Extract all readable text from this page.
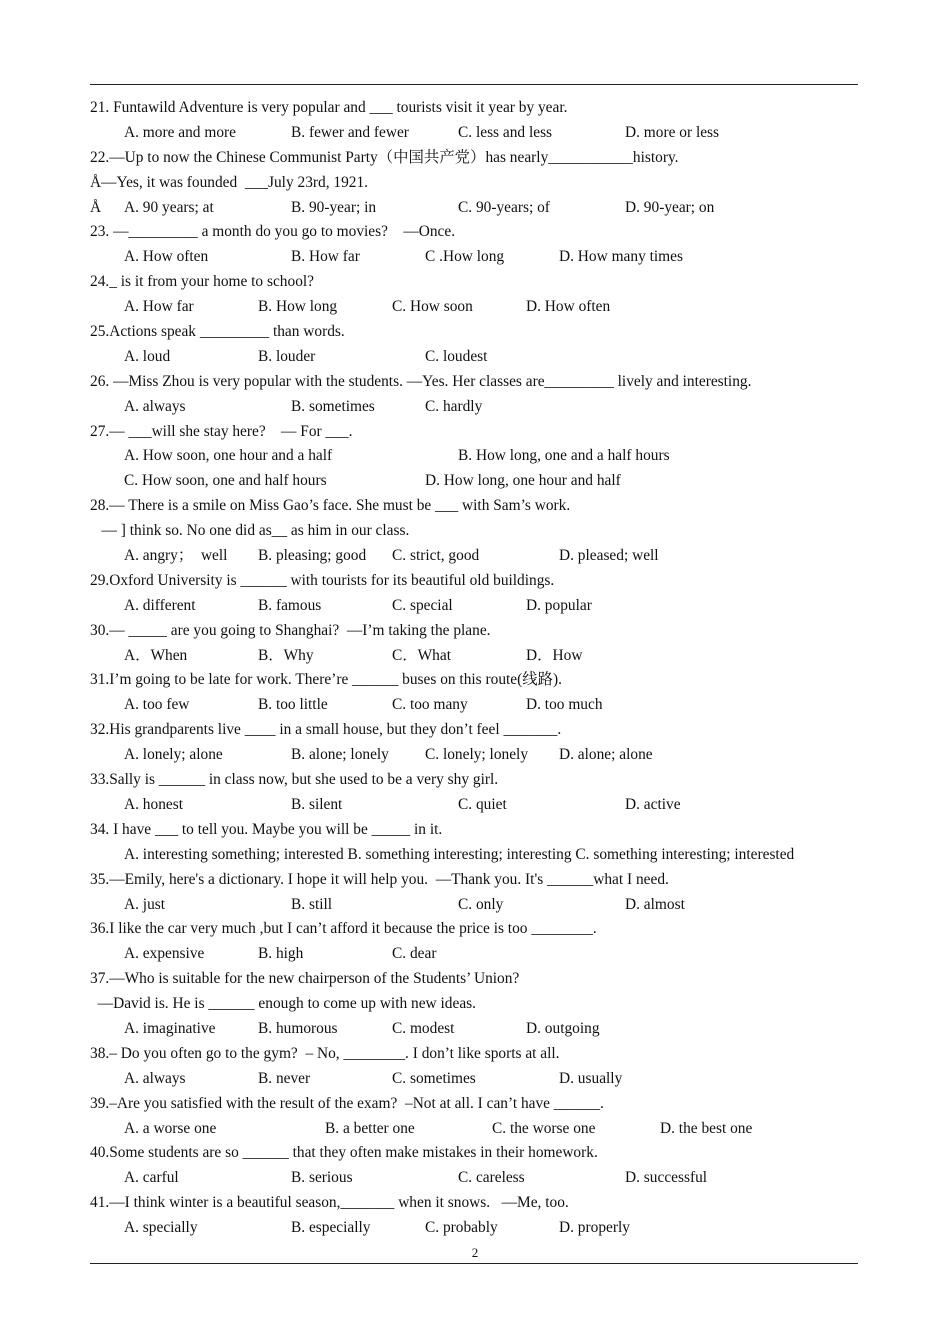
21. Funtawild Adventure is very popular and ___ tourists visit it year by year.
A. more and more	B. fewer and fewer	C. less and less	D. more or less
22.—Up to now the Chinese Communist Party（中国共产党）has nearly___________history.
Å—Yes, it was founded  ___July 23rd, 1921.
Å A. 90 years; at	B. 90-year; in	C. 90-years; of	D. 90-year; on
23. —_________ a month do you go to movies?    —Once.
A. How often	B. How far	C .How long	D. How many times
24._ is it from your home to school?
A. How far	B. How long	C. How soon	D. How often
25.Actions speak _________ than words.
A. loud	B. louder	C. loudest
26. —Miss Zhou is very popular with the students. —Yes. Her classes are_________ lively and interesting.
A. always	B. sometimes	C. hardly
27.— ___will she stay here?    — For ___.
A. How soon, one hour and a half	B. How long, one and a half hours
C. How soon, one and half hours	D. How long, one hour and half
28.— There is a smile on Miss Gao’s face. She must be ___ with Sam’s work.
— ] think so. No one did as__ as him in our class.
A. angry；  well B. pleasing; good C. strict, good	D. pleased; well
29.Oxford University is ______ with tourists for its beautiful old buildings.
A. different	B. famous	C. special	D. popular
30.— _____ are you going to Shanghai?  —I’m taking the plane.
A．When	B．Why	C．What	D．How
31.I’m going to be late for work. There’re ______ buses on this route(线路).
A. too few	B. too little	C. too many	D. too much
32.His grandparents live ____ in a small house, but they don’t feel _______.
A. lonely; alone	B. alone; lonely C. lonely; lonely D. alone; alone
33.Sally is ______ in class now, but she used to be a very shy girl.
A. honest	B. silent	C. quiet	D. active
34. I have ___ to tell you. Maybe you will be _____ in it.
A. interesting something; interested B. something interesting; interesting C. something interesting; interested
35.—Emily, here's a dictionary. I hope it will help you.  —Thank you. It's ______what I need.
A. just	B. still	C. only	D. almost
36.I like the car very much ,but I can’t afford it because the price is too ________.
A. expensive	B. high	C. dear
37.—Who is suitable for the new chairperson of the Students’ Union?
—David is. He is ______ enough to come up with new ideas.
A. imaginative	B. humorous	C. modest	D. outgoing
38.– Do you often go to the gym?  – No, ________. I don’t like sports at all.
A. always	B. never	C. sometimes	D. usually
39.–Are you satisfied with the result of the exam?  –Not at all. I can’t have ______.
A. a worse one	B. a better one	C. the worse one	D. the best one
40.Some students are so ______ that they often make mistakes in their homework.
A. carful	B. serious	C. careless	D. successful
41.—I think winter is a beautiful season,_______ when it snows.   —Me, too.
A. specially	B. especially	C. probably	D. properly
2
